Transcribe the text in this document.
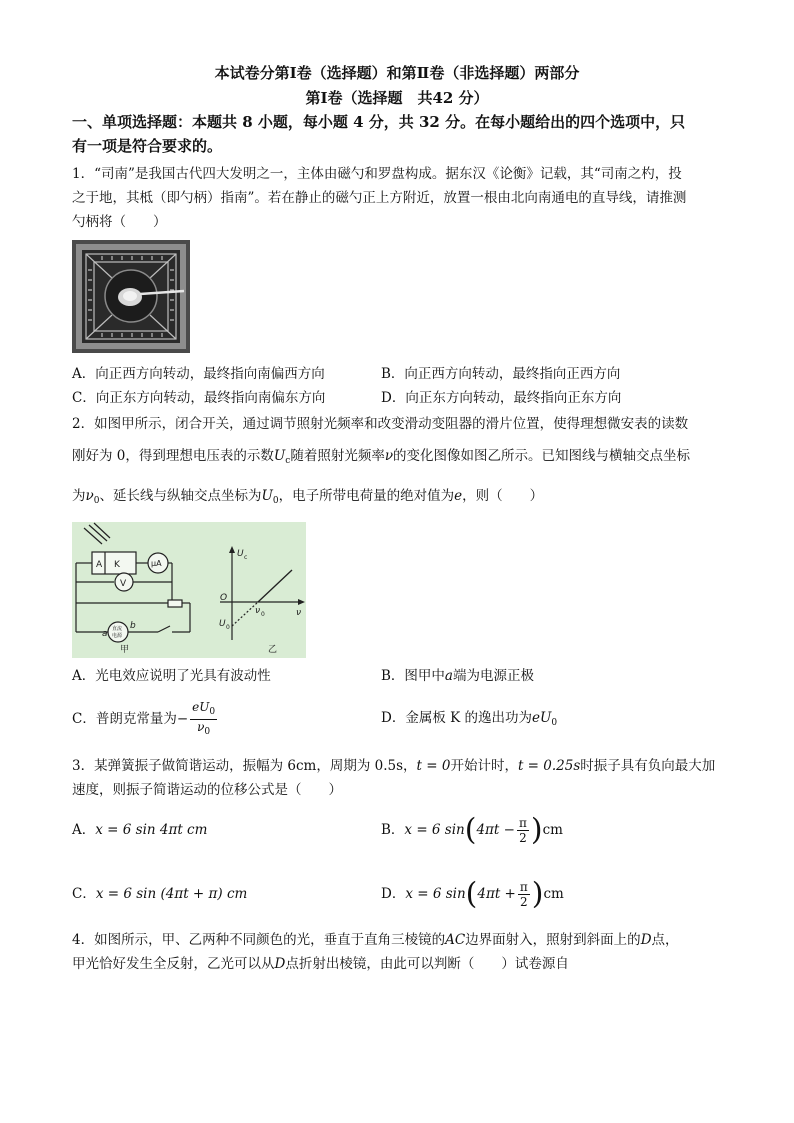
本试卷分第Ⅰ卷（选择题）和第Ⅱ卷（非选择题）两部分
第Ⅰ卷（选择题　共42 分）
一、单项选择题：本题共 8 小题，每小题 4 分，共 32 分。在每小题给出的四个选项中，只
有一项是符合要求的。
1．“司南”是我国古代四大发明之一，主体由磁勺和罗盘构成。据东汉《论衡》记载，其“司南之杓，投
之于地，其柢（即勺柄）指南”。若在静止的磁勺正上方附近，放置一根由北向南通电的直导线，请推测
勺柄将（　　）
A．向正西方向转动，最终指向南偏西方向	B．向正西方向转动，最终指向正西方向
C．向正东方向转动，最终指向南偏东方向	D．向正东方向转动，最终指向正东方向
2．如图甲所示，闭合开关，通过调节照射光频率和改变滑动变阻器的滑片位置，使得理想微安表的读数
刚好为 0，得到理想电压表的示数$U_c$随着照射光频率ν的变化图像如图乙所示。已知图线与横轴交点坐标
为$\nu_0$、延长线与纵轴交点坐标为$U_0$，电子所带电荷量的绝对值为e，则（　　）
A K	μA
V
a
b
直流
电源
甲	乙
U c
O
ν 0	ν
U 0
A．光电效应说明了光具有波动性	B．图甲中a端为电源正极
C．普朗克常量为− $\frac{eU_0}{\nu_0}$	D．金属板 K 的逸出功为$eU_0$
3．某弹簧振子做简谐运动，振幅为 6cm，周期为 0.5s，t = 0开始计时，t = 0.25s时振子具有负向最大加
速度，则振子简谐运动的位移公式是（　　）
A．x = 6 sin 4πt cm	B．x = 6 $\sin(4\pi t - \frac{\pi}{2} )cm$
C．x = 6 sin (4πt + π) cm	D．x = 6 $\sin(4\pi t + \frac{\pi}{2} )cm$
4．如图所示，甲、乙两种不同颜色的光，垂直于直角三棱镜的AC边界面射入，照射到斜面上的D点，
甲光恰好发生全反射，乙光可以从D点折射出棱镜，由此可以判断（　　）试卷源自
